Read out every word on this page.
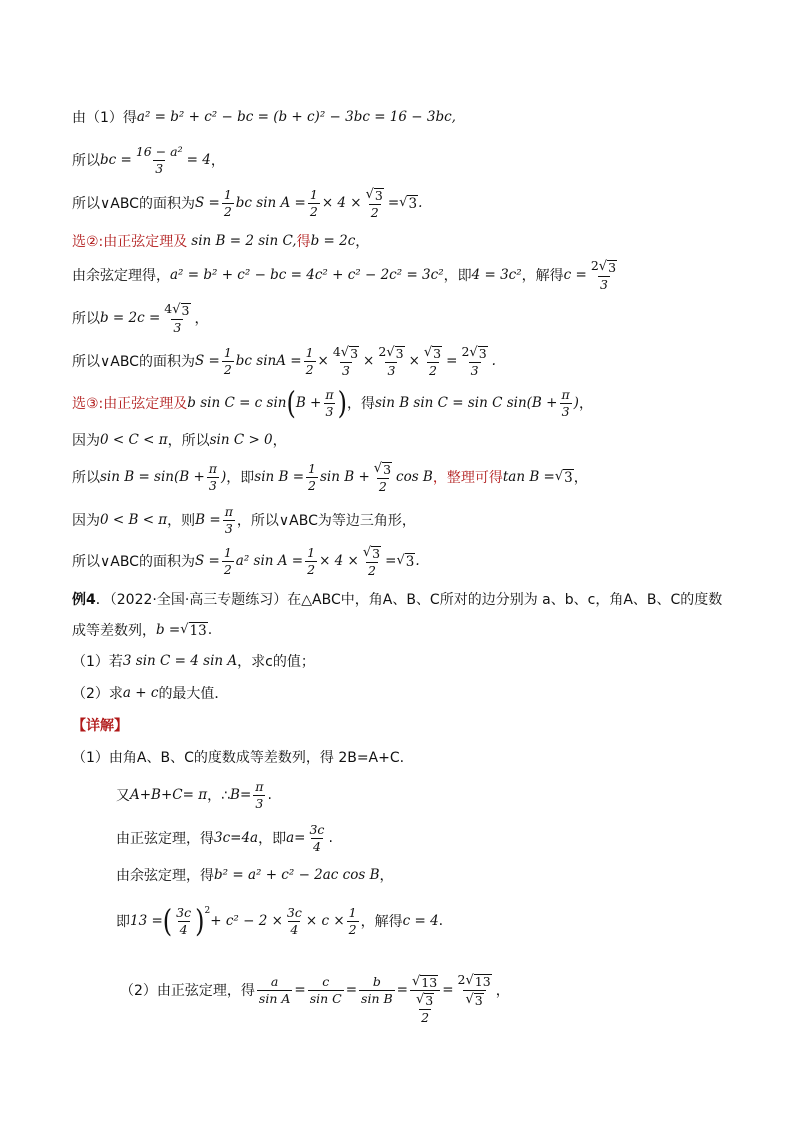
由（1）得 a² = b² + c² − bc = (b + c)² − 3bc = 16 − 3bc,
所以 bc = $\frac{\text{16 − a²}}{3} = 4$ ，
所以∨ABC的面积为 $S = \frac{1}{2}$ bc $\sin A = \frac{1}{2} \times 4 \times \frac{√ 3}{2}$ = √ 3 .
选②:由正弦定理及 sin B = 2 sin C, 得 b = 2c ，
由余弦定理得， a² = b² + c² − bc = 4c² + c² − 2c² = 3c² ，即 4 = 3c² ，解得 $c = \frac{2 √ 3}{3}$
所以 $b = 2c = \frac{4 √ 3}{3}$ ，
所以∨ABC的面积为 $S = \frac{1}{2}$ bc $\sin A = \frac{1}{2} \times \frac{4 √ 3}{3} \times \frac{2 √ 3}{3} \times \frac{√ 3}{2} = \frac{2 √ 3}{3}$ .
选③:由正弦定理及 b sin C = c sin ( $B + \frac{\pi}{3}$ ) ，得 sin B sin C = sin C $\sin(B + \frac{\pi}{3}$ ) ，
因为 0 < C < π ，所以 sin C > 0 ，
所以 $\sin B = \sin(B + \frac{\pi}{3}$ ) ，即 $\sin B = \frac{1}{2}$ $\sin B + \frac{√ 3}{2}$ cos B ，整理可得 tan B = √ 3 ，
因为 0 < B < π ，则 $B = \frac{\pi}{3}$ ，所以∨ABC为等边三角形，
所以∨ABC的面积为 $S = \frac{1}{2} a^2$ $\sin A = \frac{1}{2} \times 4 \times \frac{√ 3}{2}$ = √ 3 .
例4 ．（2022·全国·高三专题练习）在△ABC中，角A、B、C所对的边分别为 a、b、c，角A、B、C的度数
成等差数列， b = √ 13 .
（1）若 3 sin C = 4 sin A ，求c的值；
（2）求 a + c 的最大值．
【详解】
（1）由角A、B、C的度数成等差数列，得 2B=A+C.
又 A+B+C= π ，∴ $B= \frac{\pi}{3}$ .
由正弦定理，得 3c=4a ，即 $a= \frac{3c}{4}$ .
由余弦定理，得 b² = a² + c² − 2ac cos B ，
即 13 = ( $\frac{3c}{4} )^2$
+ $c^2 - 2 \times \frac{3c}{4} \times c \times \frac{1}{2}$ ，解得 c = 4 .
（2）由正弦定理，得 $\frac{a}{\text{sin A}} = \frac{c}{\text{sin C}} = \frac{b}{\text{sin B}} = \frac{√ 13}{\frac{√ 3}{2}} = \frac{2 √ 13}{√ 3}$ ，
